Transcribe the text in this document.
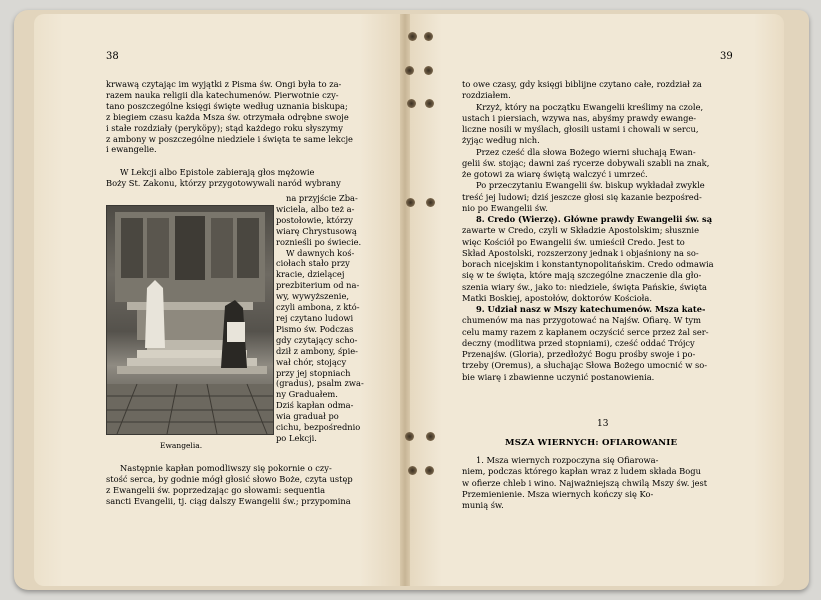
38	39
krwawą czytając im wyjątki z Pisma św. Ongi była to za-
razem nauka religii dla katechumenów. Pierwotnie czy-
tano poszczególne księgi święte według uznania biskupa;
z biegiem czasu każda Msza św. otrzymała odrębne swoje
i stałe rozdziały (peryköpy); stąd każdego roku słyszymy
z ambony w poszczególne niedziele i święta te same lekcje
i ewangelie.
W Lekcji albo Epistole zabierają głos mężowie
Boży St. Zakonu, którzy przygotowywali naród wybrany
na przyjście Zba-
wiciela, albo też a-
postołowie, którzy
wiarę Chrystusową
roznieśli po świecie.
W dawnych koś-
ciołach stało przy
kracie, dzielącej
prezbiterium od na-
wy, wywyższenie,
czyli ambona, z któ-
rej czytano ludowi
Pismo św. Podczas
gdy czytający scho-
dził z ambony, śpie-
wał chór, stojący
przy jej stopniach
(gradus), psalm zwa-
ny Graduałem.
Dziś kapłan odma-
wia graduał po
cichu, bezpośrednio
po Lekcji.
Ewangelia.
Następnie kapłan pomodliwszy się pokornie o czy-
stość serca, by godnie mógł głosić słowo Boże, czyta ustęp
z Ewangelii św. poprzedzając go słowami: sequentia
sancti Evangelii, tj. ciąg dalszy Ewangelii św.; przypomina
to owe czasy, gdy księgi biblijne czytano całe, rozdział za
rozdziałem.
Krzyż, który na początku Ewangelii kreślimy na czole,
ustach i piersiach, wzywa nas, abyśmy prawdy ewange-
liczne nosili w myślach, głosili ustami i chowali w sercu,
żyjąc według nich.
Przez cześć dla słowa Bożego wierni słuchają Ewan-
gelii św. stojąc; dawni zaś rycerze dobywali szabli na znak,
że gotowi za wiarę świętą walczyć i umrzeć.
Po przeczytaniu Ewangelii św. biskup wykładał zwykle
treść jej ludowi; dziś jeszcze głosi się kazanie bezpośred-
nio po Ewangelii św.
8. Credo (Wierzę). Główne prawdy Ewangelii św. są
zawarte w Credo, czyli w Składzie Apostolskim; słusznie
więc Kościół po Ewangelii św. umieścił Credo. Jest to
Skład Apostolski, rozszerzony jednak i objaśniony na so-
borach nicejskim i konstantynopolitańskim. Credo odmawia
się w te święta, które mają szczególne znaczenie dla gło-
szenia wiary św., jako to: niedziele, święta Pańskie, święta
Matki Boskiej, apostołów, doktorów Kościoła.
9. Udział nasz w Mszy katechumenów. Msza kate-
chumenów ma nas przygotować na Najśw. Ofiarę. W tym
celu mamy razem z kapłanem oczyścić serce przez żal ser-
deczny (modlitwa przed stopniami), cześć oddać Trójcy
Przenajśw. (Gloria), przedłożyć Bogu prośby swoje i po-
trzeby (Oremus), a słuchając Słowa Bożego umocnić w so-
bie wiarę i zbawienne uczynić postanowienia.
13
MSZA WIERNYCH: OFIAROWANIE
1. Msza wiernych rozpoczyna się Ofiarowa-
niem, podczas którego kapłan wraz z ludem składa Bogu
w ofierze chleb i wino. Najważniejszą chwilą Mszy św. jest
Przemienienie. Msza wiernych kończy się Ko-
munią św.
